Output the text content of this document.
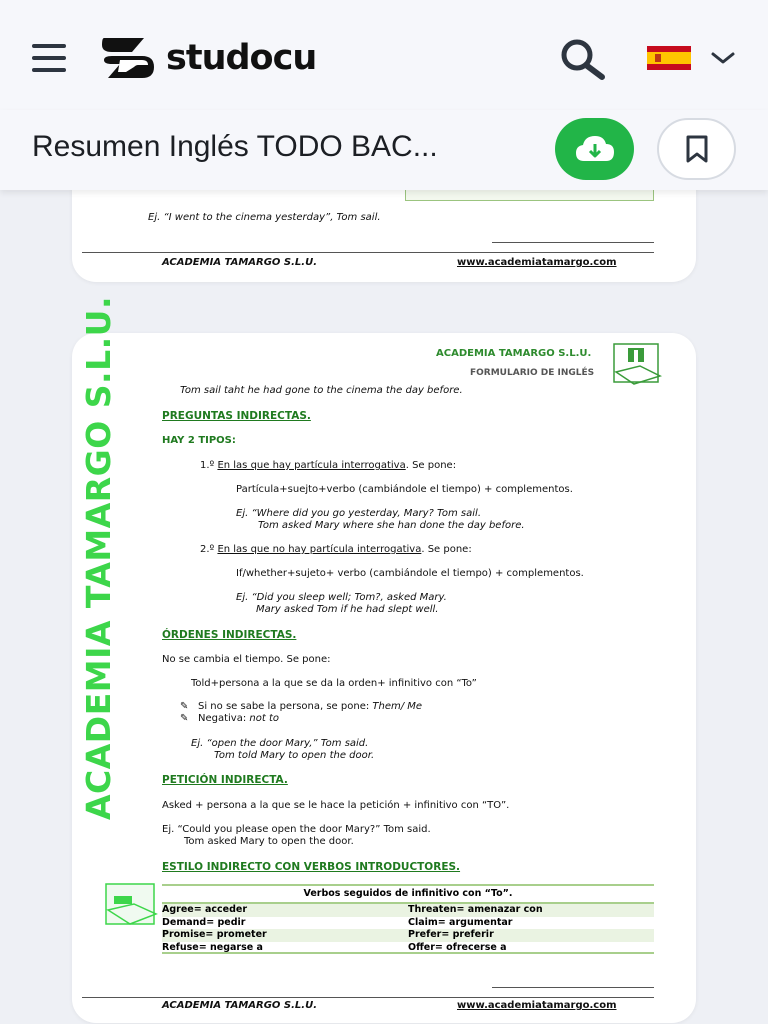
studocu
Resumen Inglés TODO BAC...
Ej. “I went to the cinema yesterday”, Tom sail.
ACADEMIA TAMARGO S.L.U.	www.academiatamargo.com
ACADEMIA TAMARGO S.L.U.
FORMULARIO DE INGLÉS
ACADEMIA TAMARGO S.L.U.	Tom sail taht he had gone to the cinema the day before.
PREGUNTAS INDIRECTAS.
HAY 2 TIPOS:
1.º En las que hay partícula interrogativa. Se pone:
Partícula+suejto+verbo (cambiándole el tiempo) + complementos.
Ej. “Where did you go yesterday, Mary? Tom sail.
Tom asked Mary where she han done the day before.
2.º En las que no hay partícula interrogativa. Se pone:
If/whether+sujeto+ verbo (cambiándole el tiempo) + complementos.
Ej. “Did you sleep well; Tom?, asked Mary.
Mary asked Tom if he had slept well.
ÓRDENES INDIRECTAS.
No se cambia el tiempo. Se pone:
Told+persona a la que se da la orden+ infinitivo con “To”
✎ Si no se sabe la persona, se pone: Them/ Me
✎ Negativa: not to
Ej. “open the door Mary,” Tom said.
Tom told Mary to open the door.
PETICIÓN INDIRECTA.
Asked + persona a la que se le hace la petición + infinitivo con “TO”.
Ej. “Could you please open the door Mary?” Tom said.
Tom asked Mary to open the door.
ESTILO INDIRECTO CON VERBOS INTRODUCTORES.
Verbos seguidos de infinitivo con “To”.
Agree= acceder	Threaten= amenazar con
Demand= pedir	Claim= argumentar
Promise= prometer	Prefer= preferir
Refuse= negarse a	Offer= ofrecerse a
ACADEMIA TAMARGO S.L.U.	www.academiatamargo.com
